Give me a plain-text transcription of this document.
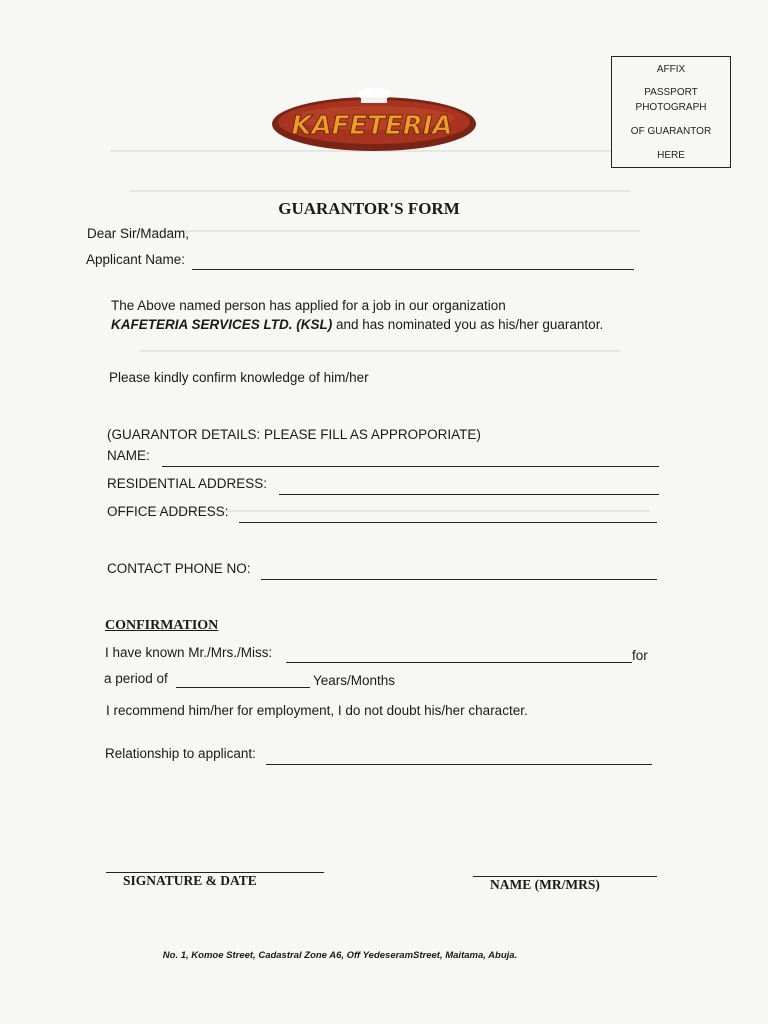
AFFIX
PASSPORT
PHOTOGRAPH
OF GUARANTOR
HERE
KAFETERIA
GUARANTOR'S FORM
Dear Sir/Madam,
Applicant Name:
The Above named person has applied for a job in our organization
KAFETERIA SERVICES LTD. (KSL) and has nominated you as his/her guarantor.
Please kindly confirm knowledge of him/her
(GUARANTOR DETAILS: PLEASE FILL AS APPROPORIATE)
NAME:
RESIDENTIAL ADDRESS:
OFFICE ADDRESS:
CONTACT PHONE NO:
CONFIRMATION
I have known Mr./Mrs./Miss:	for
a period of	Years/Months
I recommend him/her for employment, I do not doubt his/her character.
Relationship to applicant:
SIGNATURE & DATE	NAME (MR/MRS)
No. 1, Komoe Street, Cadastral Zone A6, Off YedeseramStreet, Maitama, Abuja.
